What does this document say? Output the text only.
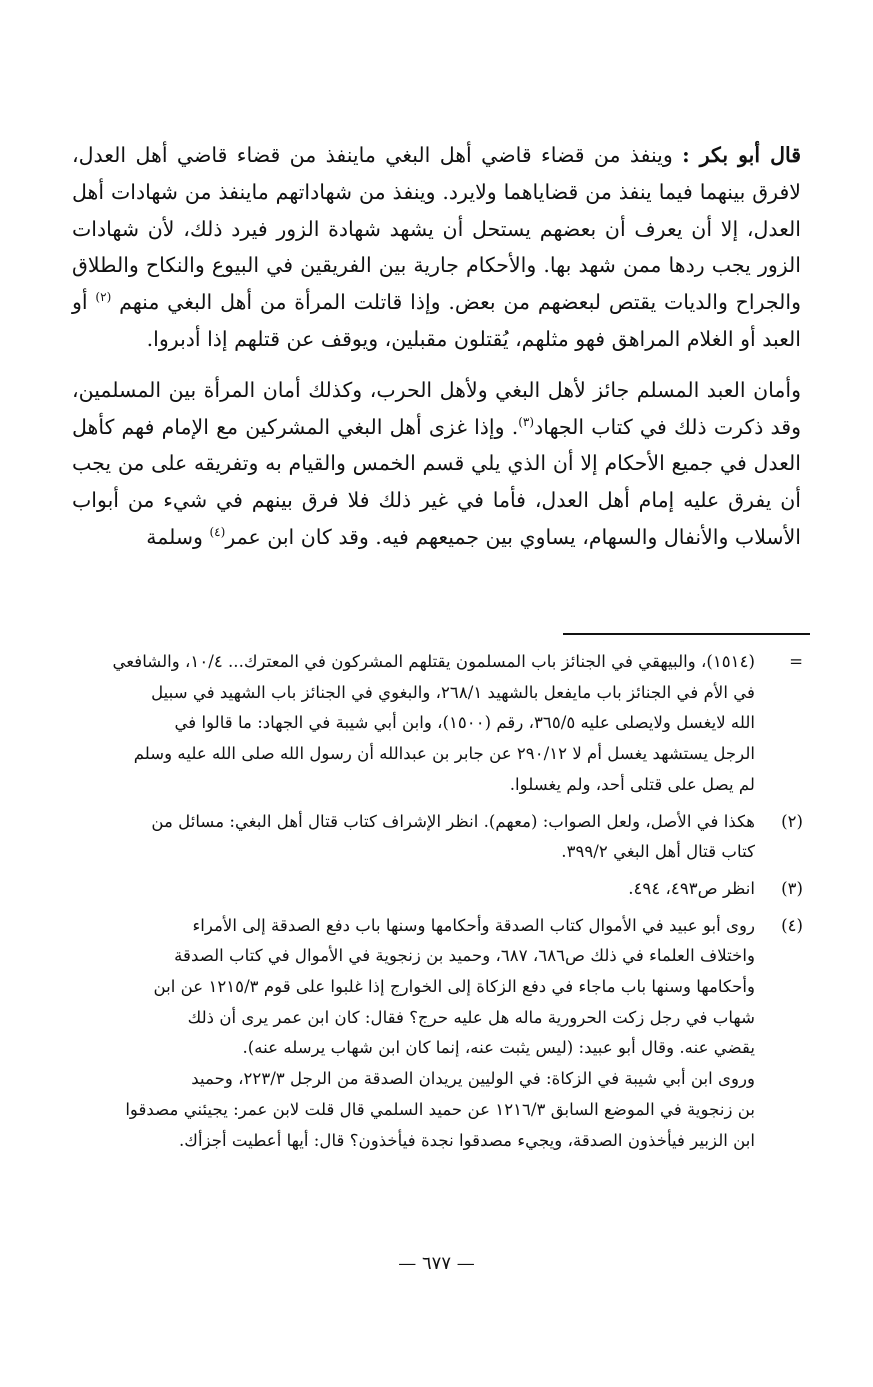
قال أبو بكر : وينفذ من قضاء قاضي أهل البغي ماينفذ من قضاء قاضي أهل العدل، لافرق بينهما فيما ينفذ من قضاياهما ولايرد. وينفذ من شهاداتهم ماينفذ من شهادات أهل العدل، إلا أن يعرف أن بعضهم يستحل أن يشهد شهادة الزور فيرد ذلك، لأن شهادات الزور يجب ردها ممن شهد بها. والأحكام جارية بين الفريقين في البيوع والنكاح والطلاق والجراح والديات يقتص لبعضهم من بعض. وإذا قاتلت المرأة من أهل البغي منهم $^{(٢)}$ أو العبد أو الغلام المراهق فهو مثلهم، يُقتلون مقبلين، ويوقف عن قتلهم إذا أدبروا.

وأمان العبد المسلم جائز لأهل البغي ولأهل الحرب، وكذلك أمان المرأة بين المسلمين، وقد ذكرت ذلك في كتاب الجهاد$^{(٣)}$. وإذا غزى أهل البغي المشركين مع الإمام فهم كأهل العدل في جميع الأحكام إلا أن الذي يلي قسم الخمس والقيام به وتفريقه على من يجب أن يفرق عليه إمام أهل العدل، فأما في غير ذلك فلا فرق بينهم في شيء من أبواب الأسلاب والأنفال والسهام، يساوي بين جميعهم فيه. وقد كان ابن عمر$^{(٤)}$ وسلمة

=
(١٥١٤)، والبيهقي في الجنائز باب المسلمون يقتلهم المشركون في المعترك... ١٠/٤، والشافعي
في الأم في الجنائز باب مايفعل بالشهيد ٢٦٨/١، والبغوي في الجنائز باب الشهيد في سبيل
الله لايغسل ولايصلى عليه ٣٦٥/٥، رقم (١٥٠٠)، وابن أبي شيبة في الجهاد: ما قالوا في
الرجل يستشهد يغسل أم لا ٢٩٠/١٢ عن جابر بن عبدالله أن رسول الله صلى الله عليه وسلم
لم يصل على قتلى أحد، ولم يغسلوا.
(٢)
هكذا في الأصل، ولعل الصواب: (معهم). انظر الإشراف كتاب قتال أهل البغي: مسائل من
كتاب قتال أهل البغي ٣٩٩/٢.
(٣)
انظر ص٤٩٣، ٤٩٤.
(٤)
روى أبو عبيد في الأموال كتاب الصدقة وأحكامها وسنها باب دفع الصدقة إلى الأمراء
واختلاف العلماء في ذلك ص٦٨٦، ٦٨٧، وحميد بن زنجوية في الأموال في كتاب الصدقة
وأحكامها وسنها باب ماجاء في دفع الزكاة إلى الخوارج إذا غلبوا على قوم ١٢١٥/٣ عن ابن
شهاب في رجل زكت الحرورية ماله هل عليه حرج؟ فقال: كان ابن عمر يرى أن ذلك
يقضي عنه. وقال أبو عبيد: (ليس يثبت عنه، إنما كان ابن شهاب يرسله عنه).
وروى ابن أبي شيبة في الزكاة: في الوليين يريدان الصدقة من الرجل ٢٢٣/٣، وحميد
بن زنجوية في الموضع السابق ١٢١٦/٣ عن حميد السلمي قال قلت لابن عمر: يجيئني مصدقوا
ابن الزبير فيأخذون الصدقة، ويجيء مصدقوا نجدة فيأخذون؟ قال: أيها أعطيت أجزأك.
— ٦٧٧ —
